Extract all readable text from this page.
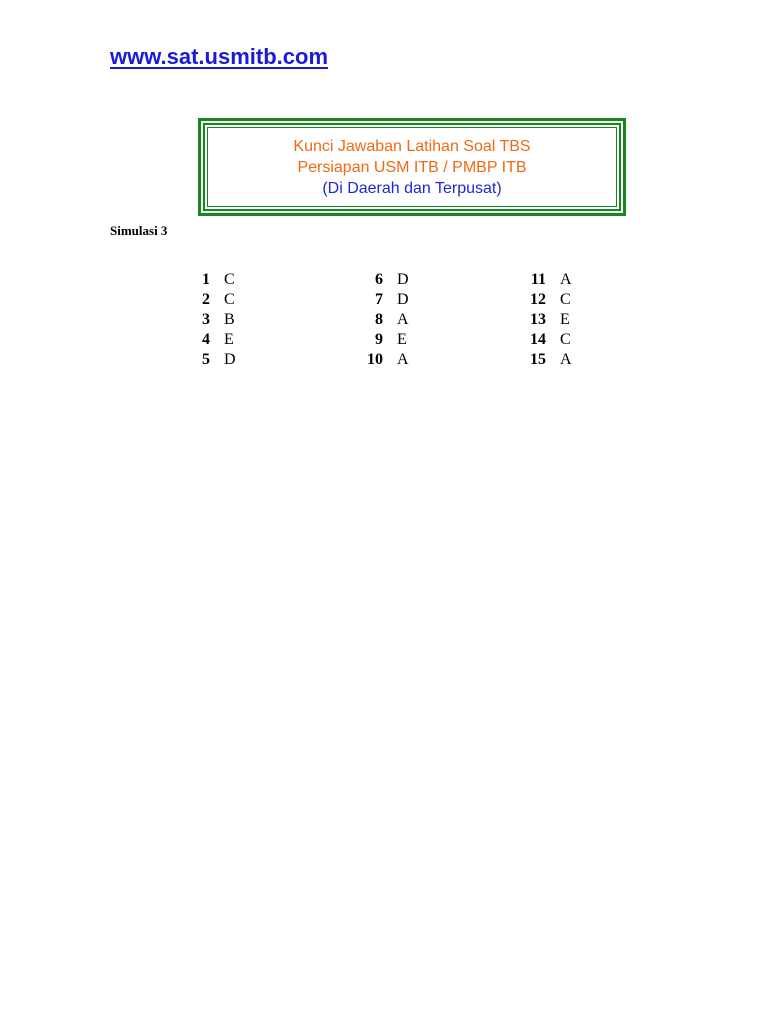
www.sat.usmitb.com
Kunci Jawaban Latihan Soal TBS
Persiapan USM ITB / PMBP ITB
(Di Daerah dan Terpusat)
Simulasi 3
1 C
2 C
3 B
4 E
5 D
6 D
7 D
8 A
9 E
10 A
11 A
12 C
13 E
14 C
15 A
